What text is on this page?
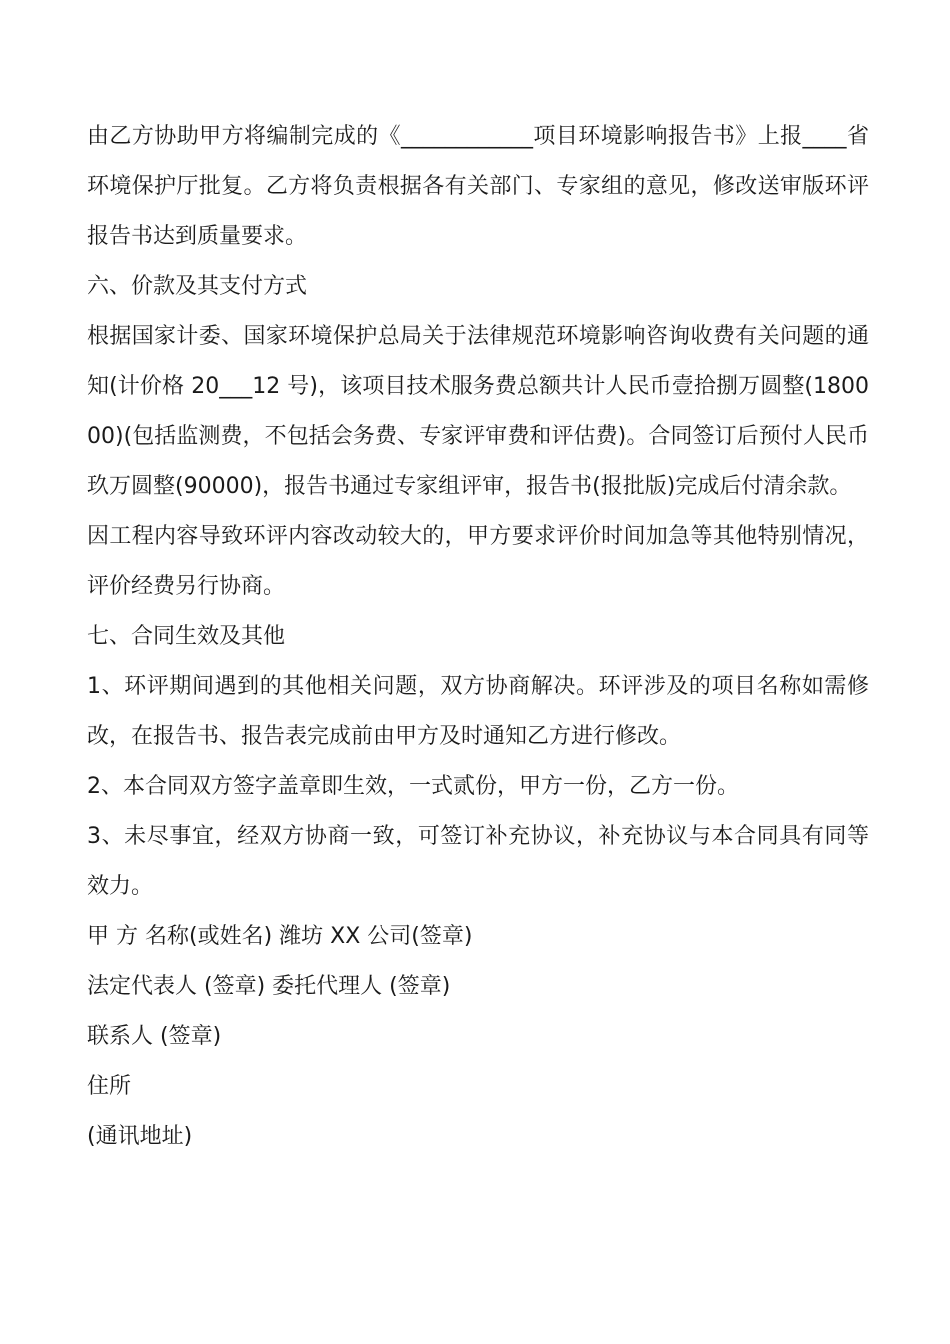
由乙方协助甲方将编制完成的《____________项目环境影响报告书》上报____省环境保护厅批复。乙方将负责根据各有关部门、专家组的意见，修改送审版环评报告书达到质量要求。

六、价款及其支付方式

根据国家计委、国家环境保护总局关于法律规范环境影响咨询收费有关问题的通知(计价格 20___12 号)，该项目技术服务费总额共计人民币壹拾捌万圆整(180000)(包括监测费，不包括会务费、专家评审费和评估费)。合同签订后预付人民币玖万圆整(90000)，报告书通过专家组评审，报告书(报批版)完成后付清余款。

因工程内容导致环评内容改动较大的，甲方要求评价时间加急等其他特别情况，评价经费另行协商。

七、合同生效及其他

1、环评期间遇到的其他相关问题，双方协商解决。环评涉及的项目名称如需修改，在报告书、报告表完成前由甲方及时通知乙方进行修改。

2、本合同双方签字盖章即生效，一式贰份，甲方一份，乙方一份。

3、未尽事宜，经双方协商一致，可签订补充协议，补充协议与本合同具有同等效力。

甲 方 名称(或姓名) 潍坊 XX 公司(签章)

法定代表人 (签章) 委托代理人 (签章)

联系人 (签章)

住所

(通讯地址)
